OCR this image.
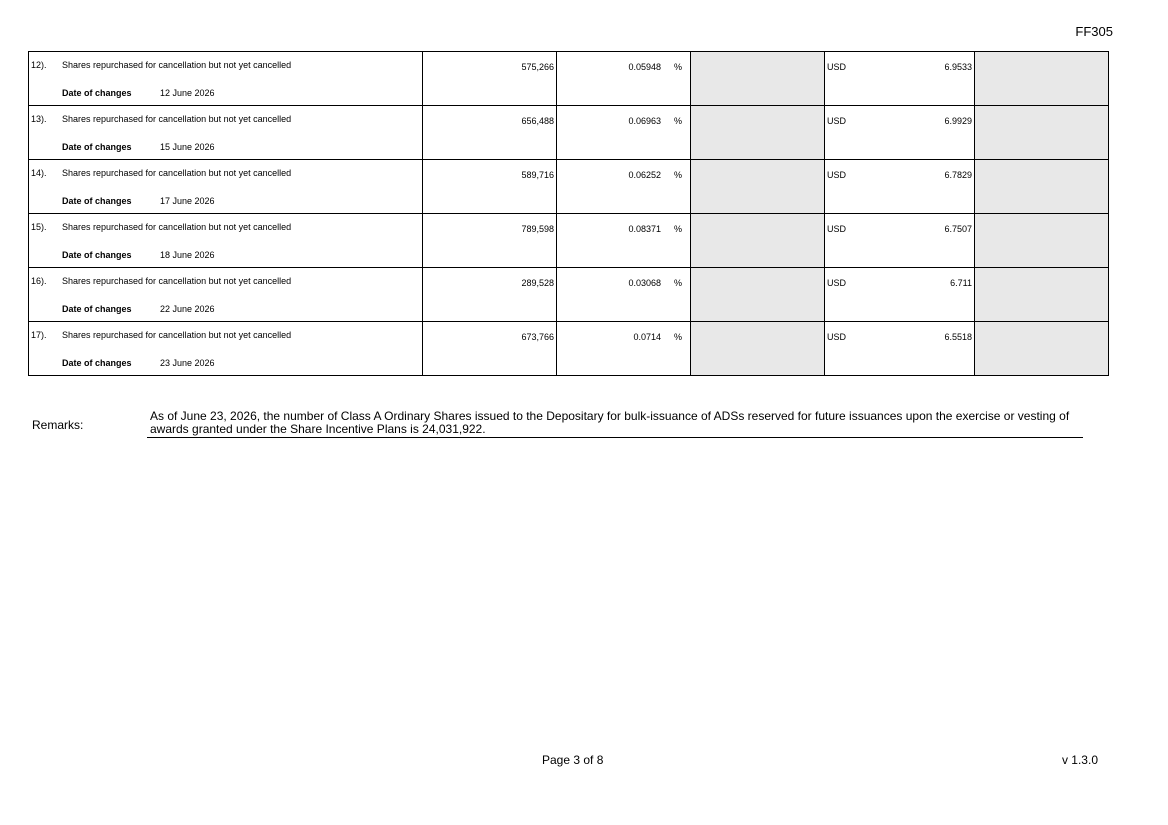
FF305
12). Shares repurchased for cancellation but not yet cancelled
Date of changes 12 June 2026	575,266	0.05948 %		USD 6.9533	

13). Shares repurchased for cancellation but not yet cancelled
Date of changes 15 June 2026	656,488	0.06963 %		USD 6.9929	

14). Shares repurchased for cancellation but not yet cancelled
Date of changes 17 June 2026	589,716	0.06252 %		USD 6.7829	

15). Shares repurchased for cancellation but not yet cancelled
Date of changes 18 June 2026	789,598	0.08371 %		USD 6.7507	

16). Shares repurchased for cancellation but not yet cancelled
Date of changes 22 June 2026	289,528	0.03068 %		USD 6.711	

17). Shares repurchased for cancellation but not yet cancelled
Date of changes 23 June 2026	673,766	0.0714 %		USD 6.5518	

Remarks:
As of June 23, 2026, the number of Class A Ordinary Shares issued to the Depositary for bulk-issuance of ADSs reserved for future issuances upon the exercise or vesting of awards granted under the Share Incentive Plans is 24,031,922.
Page 3 of 8	v 1.3.0
